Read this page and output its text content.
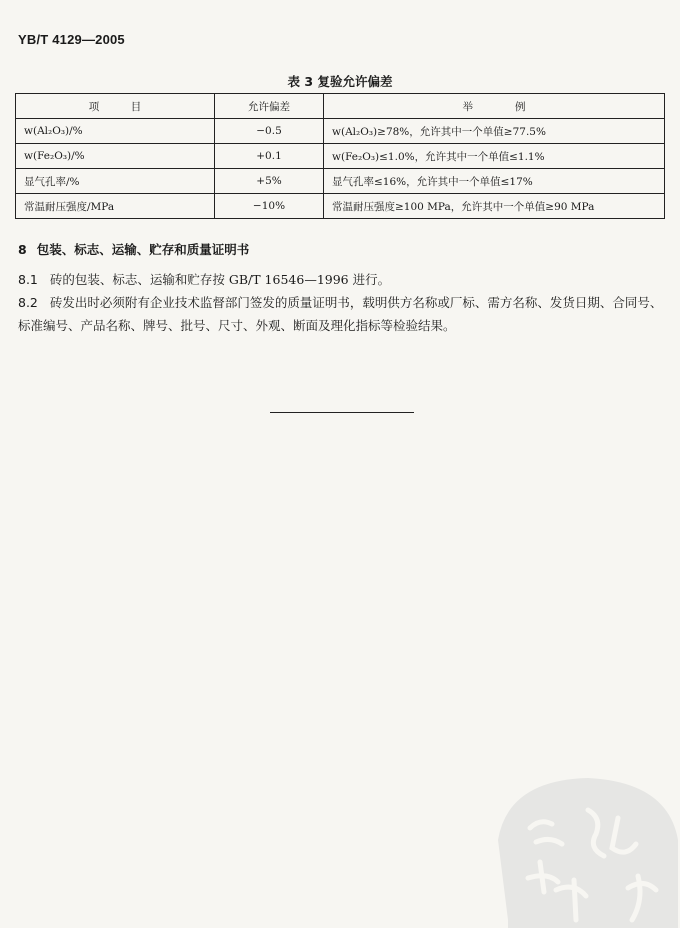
YB/T 4129—2005
表 3 复验允许偏差
项　　　目	允许偏差	举　　　　例
w(Al₂O₃)/%	−0.5	w(Al₂O₃)≥78%，允许其中一个单值≥77.5%
w(Fe₂O₃)/%	+0.1	w(Fe₂O₃)≤1.0%，允许其中一个单值≤1.1%
显气孔率/%	+5%	显气孔率≤16%，允许其中一个单值≤17%
常温耐压强度/MPa	−10%	常温耐压强度≥100 MPa，允许其中一个单值≥90 MPa
8 包装、标志、运输、贮存和质量证明书
8.1 砖的包装、标志、运输和贮存按 GB/T 16546—1996 进行。
8.2 砖发出时必须附有企业技术监督部门签发的质量证明书，载明供方名称或厂标、需方名称、发货日期、合同号、标准编号、产品名称、牌号、批号、尺寸、外观、断面及理化指标等检验结果。
